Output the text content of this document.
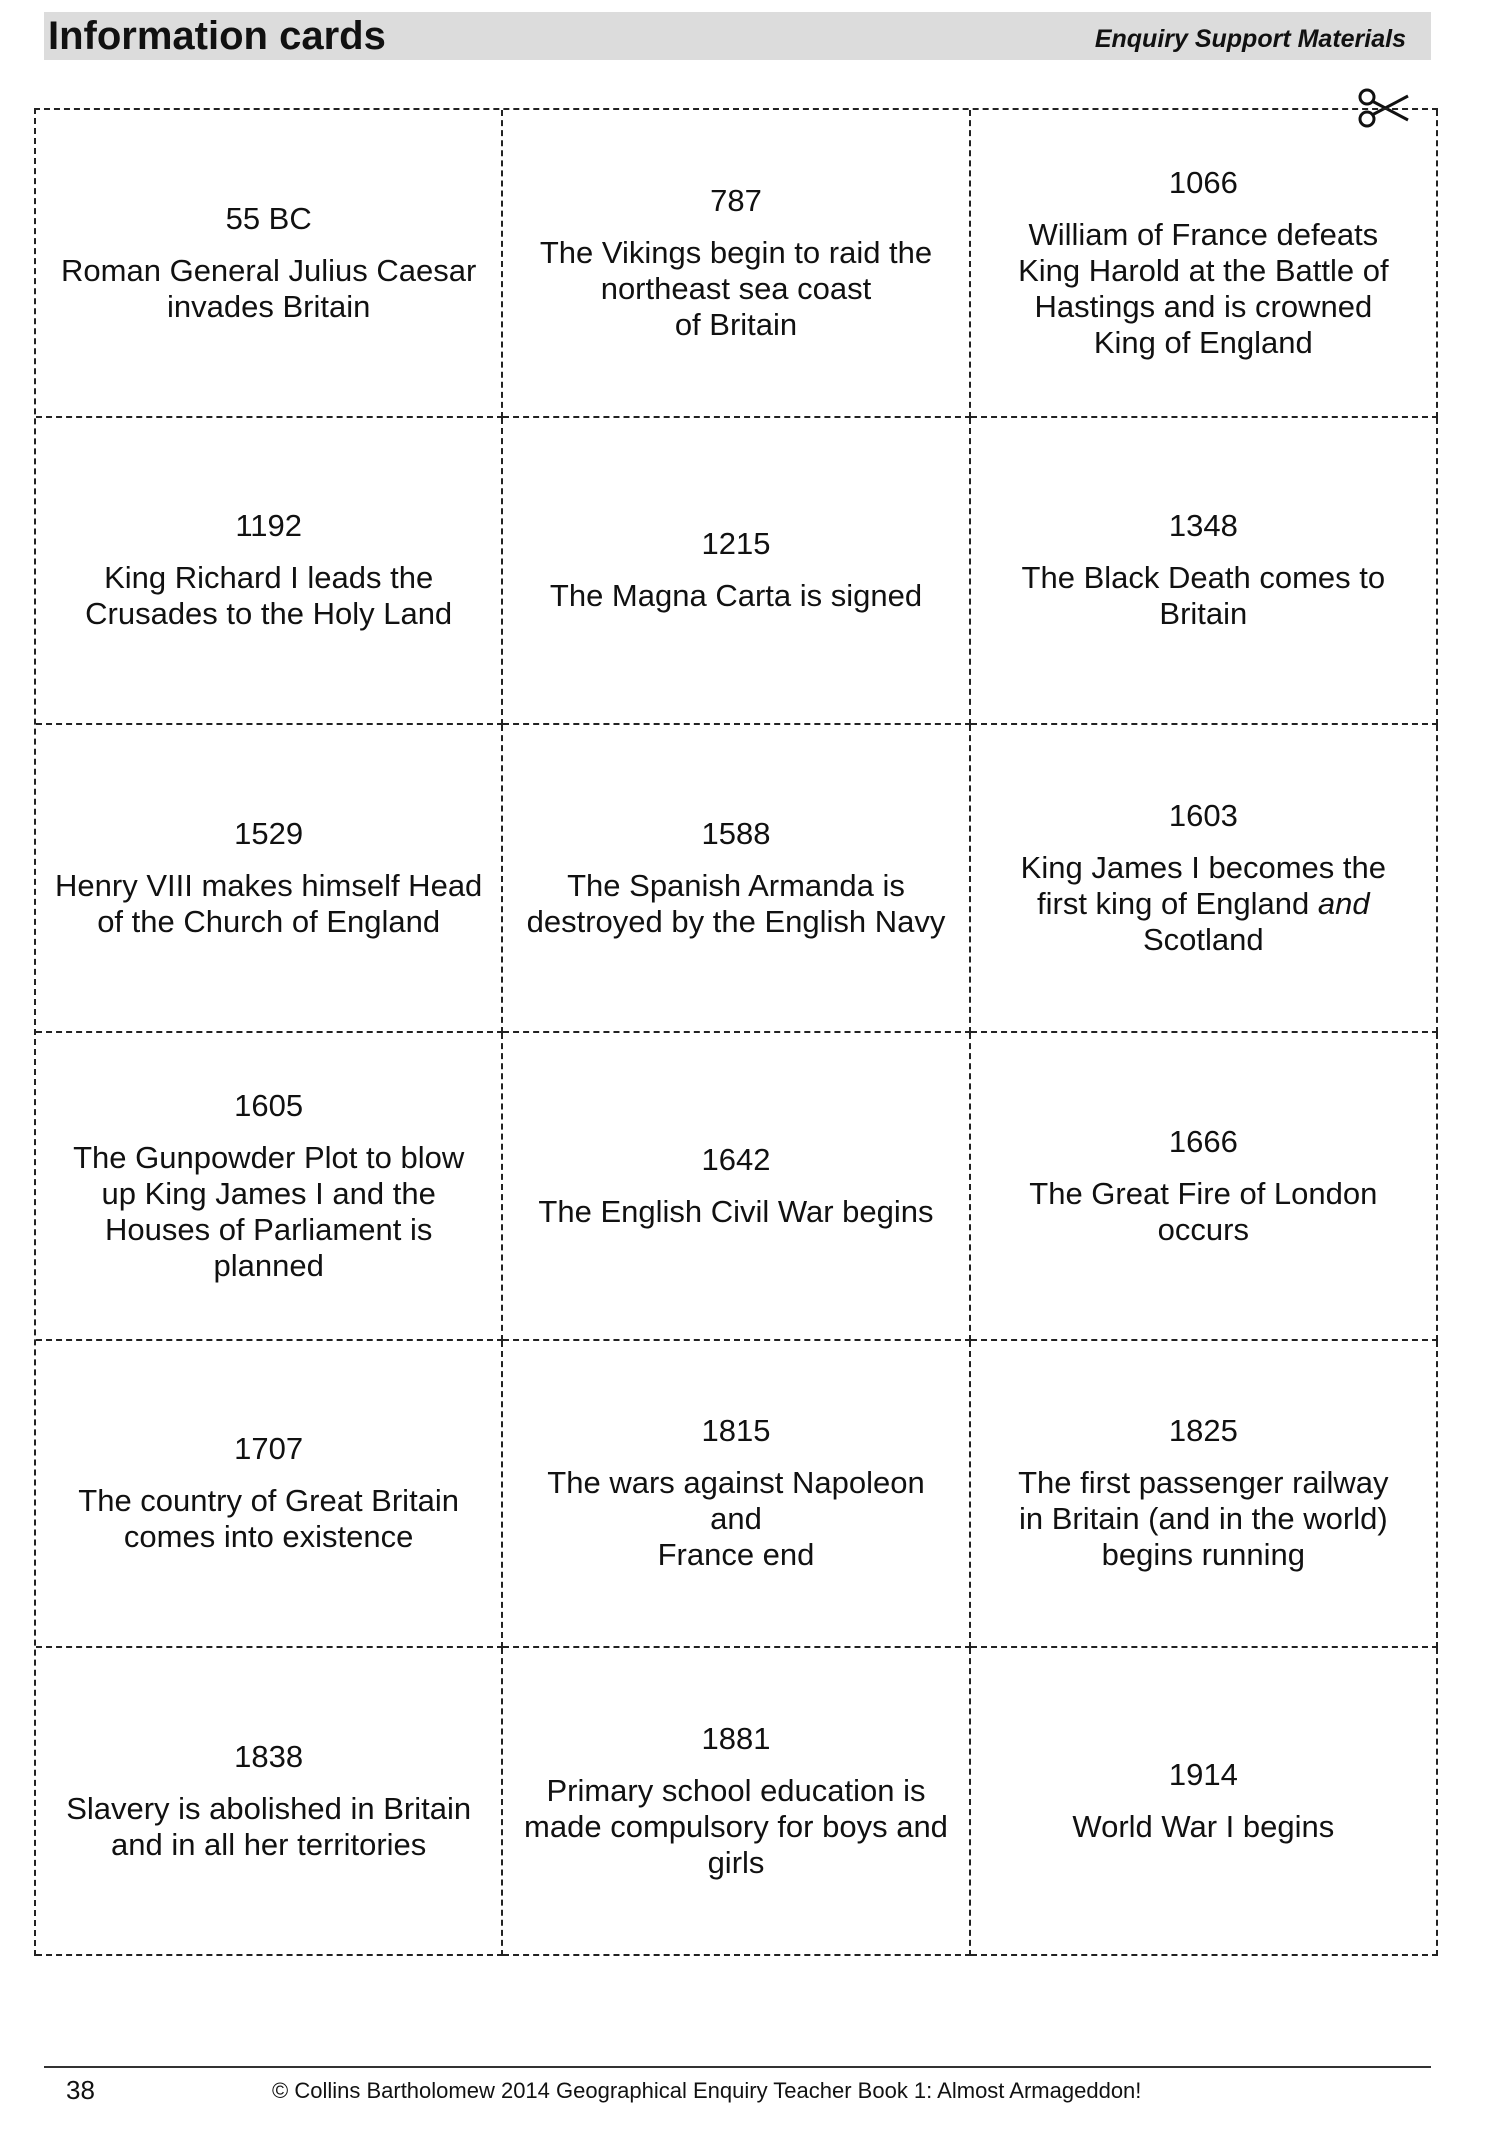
Information cards	Enquiry Support Materials
55 BC
Roman General Julius Caesar
invades Britain
787
The Vikings begin to raid the
northeast sea coast
of Britain
1066
William of France defeats
King Harold at the Battle of
Hastings and is crowned
King of England
1192
King Richard I leads the
Crusades to the Holy Land
1215
The Magna Carta is signed
1348
The Black Death comes to
Britain
1529
Henry VIII makes himself Head
of the Church of England
1588
The Spanish Armanda is
destroyed by the English Navy
1603
King James I becomes the
first king of England and
Scotland
1605
The Gunpowder Plot to blow
up King James I and the
Houses of Parliament is
planned
1642
The English Civil War begins
1666
The Great Fire of London
occurs
1707
The country of Great Britain
comes into existence
1815
The wars against Napoleon and
France end
1825
The first passenger railway
in Britain (and in the world)
begins running
1838
Slavery is abolished in Britain
and in all her territories
1881
Primary school education is
made compulsory for boys and
girls
1914
World War I begins
38	© Collins Bartholomew 2014 Geographical Enquiry Teacher Book 1: Almost Armageddon!
